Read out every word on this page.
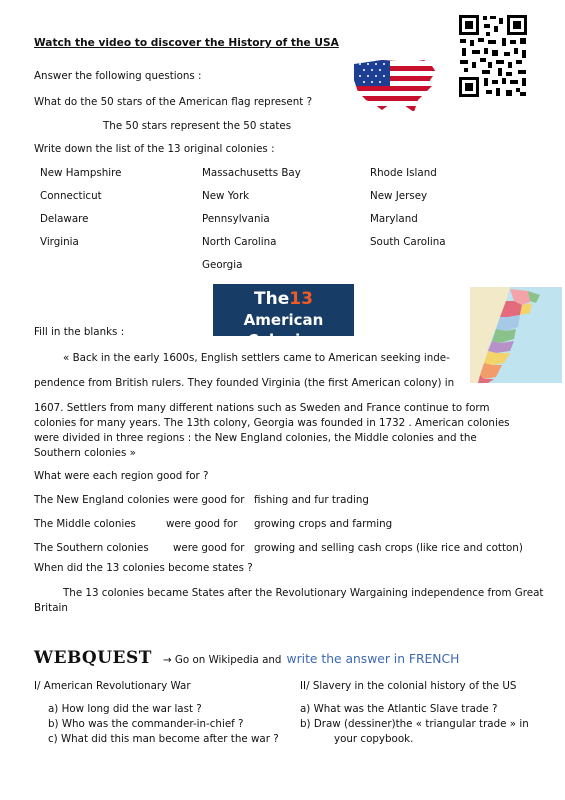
Watch the video to discover the History of the USA
Answer the following questions :
What do the 50 stars of the American flag represent ?
The 50 stars represent the 50 states
Write down the list of the 13 original colonies :
New Hampshire	Massachusetts Bay	Rhode Island
Connecticut	New York	New Jersey
Delaware	Pennsylvania	Maryland
Virginia	North Carolina	South Carolina
Georgia
The13
American Colonies
Fill in the blanks :
« Back in the early 1600s, English settlers came to American seeking inde-
pendence from British rulers. They founded Virginia (the first American colony) in
1607. Settlers from many different nations such as Sweden and France continue to form
colonies for many years. The 13th colony, Georgia was founded in 1732 . American colonies
were divided in three regions : the New England colonies, the Middle colonies and the
Southern colonies »
What were each region good for ?
The New England colonies were good for fishing and fur trading
The Middle colonies	were good for growing crops and farming
The Southern colonies were good for growing and selling cash crops (like rice and cotton)
When did the 13 colonies become states ?
The 13 colonies became States after the Revolutionary Wargaining independence from Great
Britain
WEBQUEST → Go on Wikipedia and write the answer in FRENCH
I/ American Revolutionary War
a) How long did the war last ?
b) Who was the commander-in-chief ?
c) What did this man become after the war ?
II/ Slavery in the colonial history of the US
a) What was the Atlantic Slave trade ?
b) Draw (dessiner)the « triangular trade » in
your copybook.
